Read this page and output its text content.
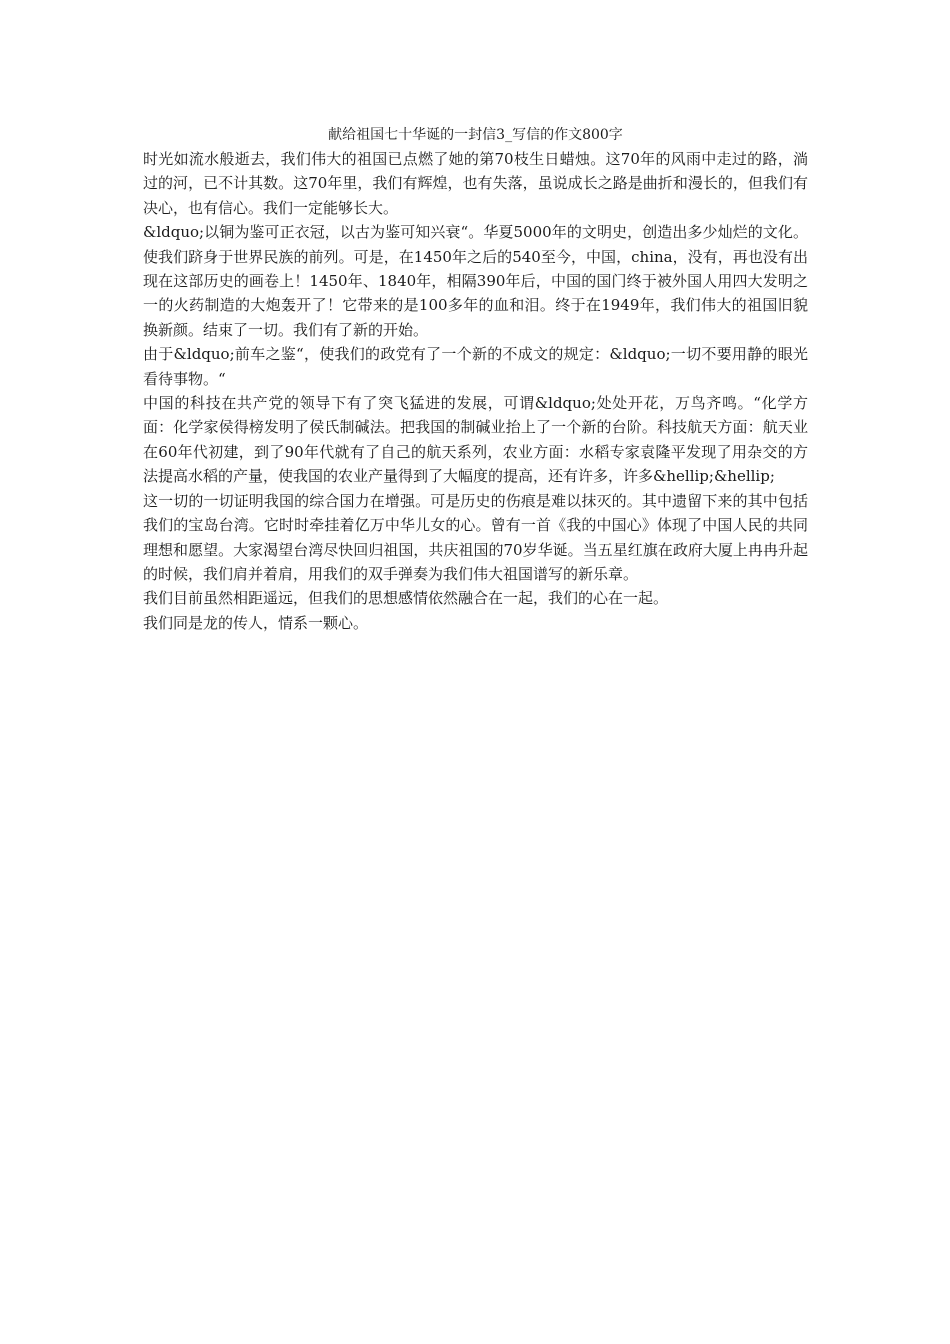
献给祖国七十华诞的一封信3_写信的作文800字

时光如流水般逝去，我们伟大的祖国已点燃了她的第70枝生日蜡烛。这70年的风雨中走过的路，淌过的河，已不计其数。这70年里，我们有辉煌，也有失落，虽说成长之路是曲折和漫长的，但我们有决心，也有信心。我们一定能够长大。

&ldquo;以铜为鉴可正衣冠，以古为鉴可知兴衰“。华夏5000年的文明史，创造出多少灿烂的文化。使我们跻身于世界民族的前列。可是，在1450年之后的540至今，中国，china，没有，再也没有出现在这部历史的画卷上！1450年、1840年，相隔390年后，中国的国门终于被外国人用四大发明之一的火药制造的大炮轰开了！它带来的是100多年的血和泪。终于在1949年，我们伟大的祖国旧貌换新颜。结束了一切。我们有了新的开始。

由于&ldquo;前车之鉴“，使我们的政党有了一个新的不成文的规定：&ldquo;一切不要用静的眼光看待事物。“

中国的科技在共产党的领导下有了突飞猛进的发展，可谓&ldquo;处处开花，万鸟齐鸣。“化学方面：化学家侯得榜发明了侯氏制碱法。把我国的制碱业抬上了一个新的台阶。科技航天方面：航天业在60年代初建，到了90年代就有了自己的航天系列，农业方面：水稻专家袁隆平发现了用杂交的方法提高水稻的产量，使我国的农业产量得到了大幅度的提高，还有许多，许多&hellip;&hellip;

这一切的一切证明我国的综合国力在增强。可是历史的伤痕是难以抹灭的。其中遗留下来的其中包括我们的宝岛台湾。它时时牵挂着亿万中华儿女的心。曾有一首《我的中国心》体现了中国人民的共同理想和愿望。大家渴望台湾尽快回归祖国，共庆祖国的70岁华诞。当五星红旗在政府大厦上冉冉升起的时候，我们肩并着肩，用我们的双手弹奏为我们伟大祖国谱写的新乐章。

我们目前虽然相距遥远，但我们的思想感情依然融合在一起，我们的心在一起。

我们同是龙的传人，情系一颗心。
